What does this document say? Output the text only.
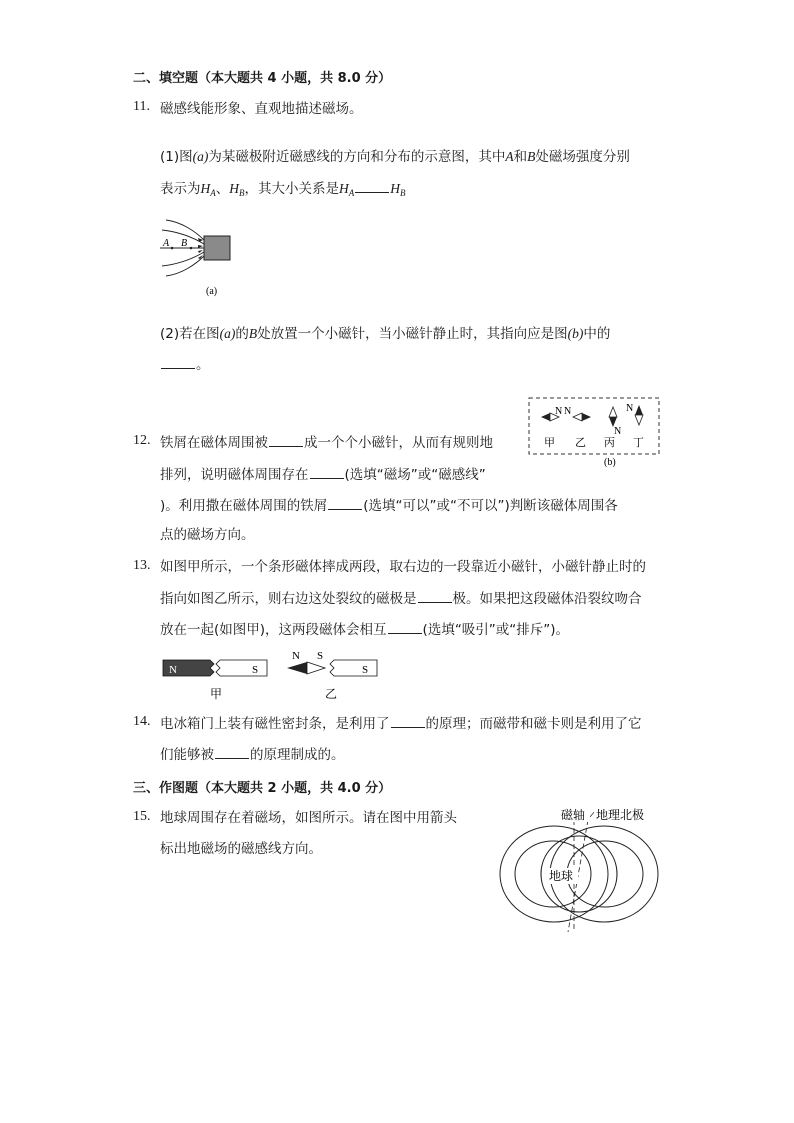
二、填空题（本大题共 4 小题，共 8.0 分）
11. 磁感线能形象、直观地描述磁场。
(1)图(a)为某磁极附近磁感线的方向和分布的示意图，其中A和B处磁场强度分别
表示为$H_A$、$H_B$，其大小关系是$H_A$	$H_B$
A B
(a)
(2)若在图(a)的B处放置一个小磁针，当小磁针静止时，其指向应是图(b)中的
。
N N
N
N
甲 乙 丙 丁
(b)
12. 铁屑在磁体周围被	成一个个小磁针，从而有规则地
排列，说明磁体周围存在	(选填“磁场”或“磁感线”
)。利用撒在磁体周围的铁屑	(选填“可以”或“不可以”)判断该磁体周围各
点的磁场方向。
13. 如图甲所示，一个条形磁体摔成两段，取右边的一段靠近小磁针，小磁针静止时的
指向如图乙所示，则右边这处裂纹的磁极是	极。如果把这段磁体沿裂纹吻合
放在一起(如图甲)，这两段磁体会相互	(选填“吸引”或“排斥”)。
N	S
甲
N S
S
乙
14. 电冰箱门上装有磁性密封条，是利用了	的原理；而磁带和磁卡则是利用了它
们能够被	的原理制成的。
三、作图题（本大题共 2 小题，共 4.0 分）
15. 地球周围存在着磁场，如图所示。请在图中用箭头
标出地磁场的磁感线方向。
磁轴 地理北极
地球
